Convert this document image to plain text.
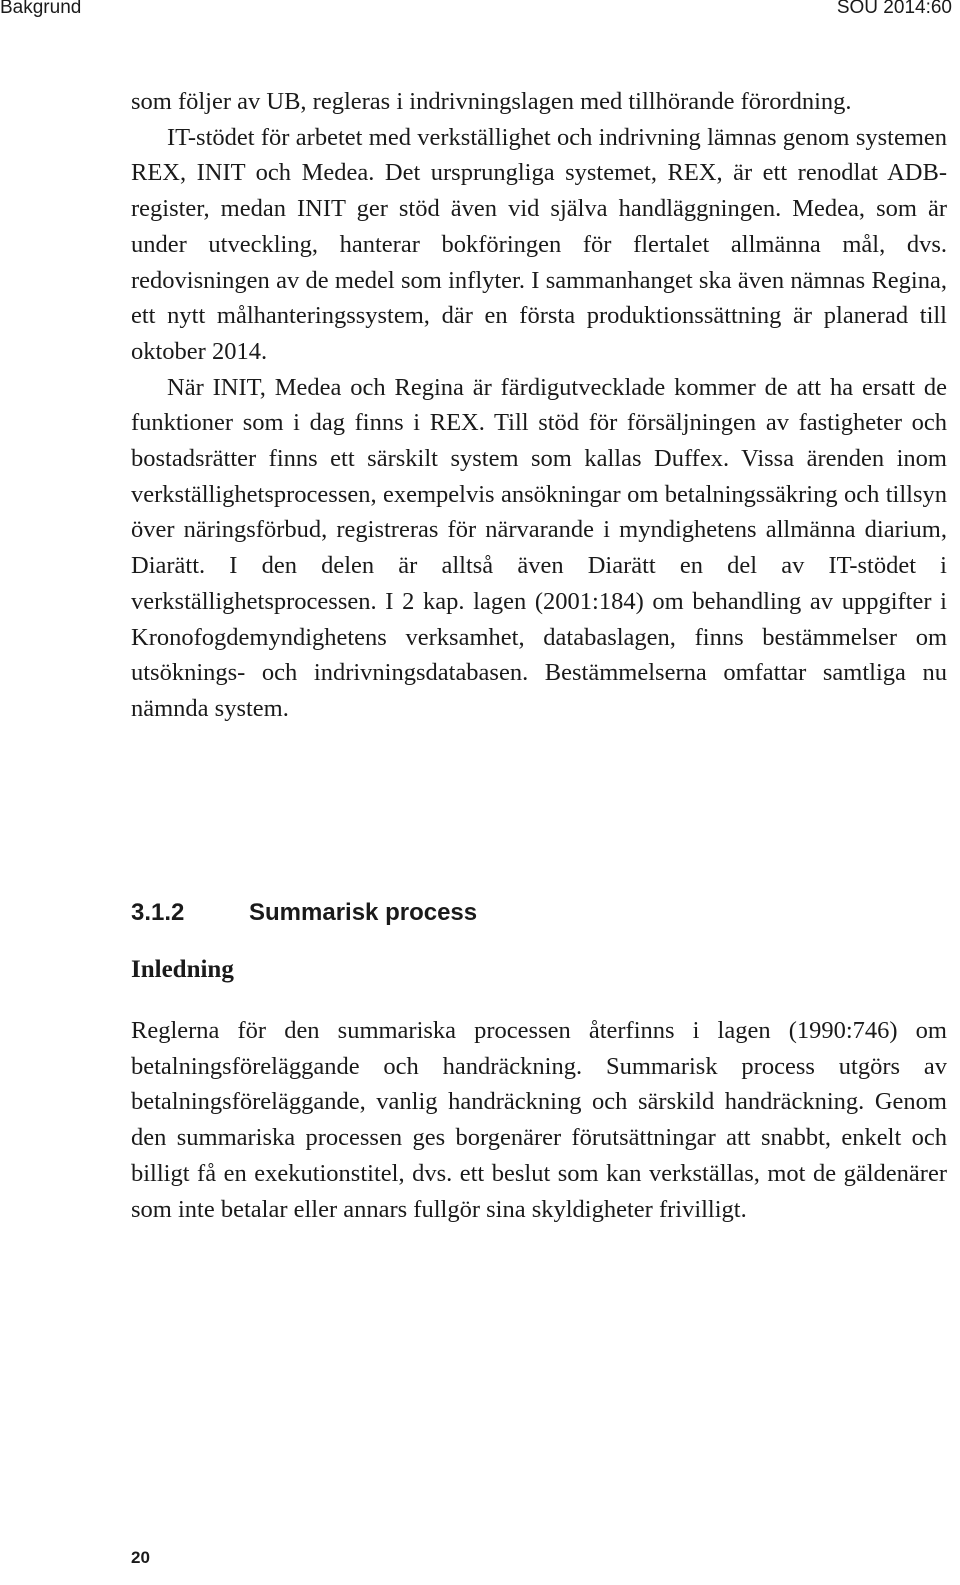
Bakgrund	SOU 2014:60

som följer av UB, regleras i indrivningslagen med tillhörande förordning.

IT-stödet för arbetet med verkställighet och indrivning lämnas genom systemen REX, INIT och Medea. Det ursprungliga systemet, REX, är ett renodlat ADB-register, medan INIT ger stöd även vid själva handläggningen. Medea, som är under utveckling, hanterar bokföringen för flertalet allmänna mål, dvs. redovisningen av de medel som inflyter. I sammanhanget ska även nämnas Regina, ett nytt målhanteringssystem, där en första produktionssättning är planerad till oktober 2014.

När INIT, Medea och Regina är färdigutvecklade kommer de att ha ersatt de funktioner som i dag finns i REX. Till stöd för försäljningen av fastigheter och bostadsrätter finns ett särskilt system som kallas Duffex. Vissa ärenden inom verkställighetsprocessen, exempelvis ansökningar om betalningssäkring och tillsyn över näringsförbud, registreras för närvarande i myndighetens allmänna diarium, Diarätt. I den delen är alltså även Diarätt en del av IT-stödet i verkställighetsprocessen. I 2 kap. lagen (2001:184) om behandling av uppgifter i Kronofogdemyndighetens verksamhet, databaslagen, finns bestämmelser om utsöknings- och indrivningsdatabasen. Bestämmelserna omfattar samtliga nu nämnda system.

3.1.2	Summarisk process
Inledning

Reglerna för den summariska processen återfinns i lagen (1990:746) om betalningsföreläggande och handräckning. Summarisk process utgörs av betalningsföreläggande, vanlig handräckning och särskild handräckning. Genom den summariska processen ges borgenärer förutsättningar att snabbt, enkelt och billigt få en exekutionstitel, dvs. ett beslut som kan verkställas, mot de gäldenärer som inte betalar eller annars fullgör sina skyldigheter frivilligt.

20
